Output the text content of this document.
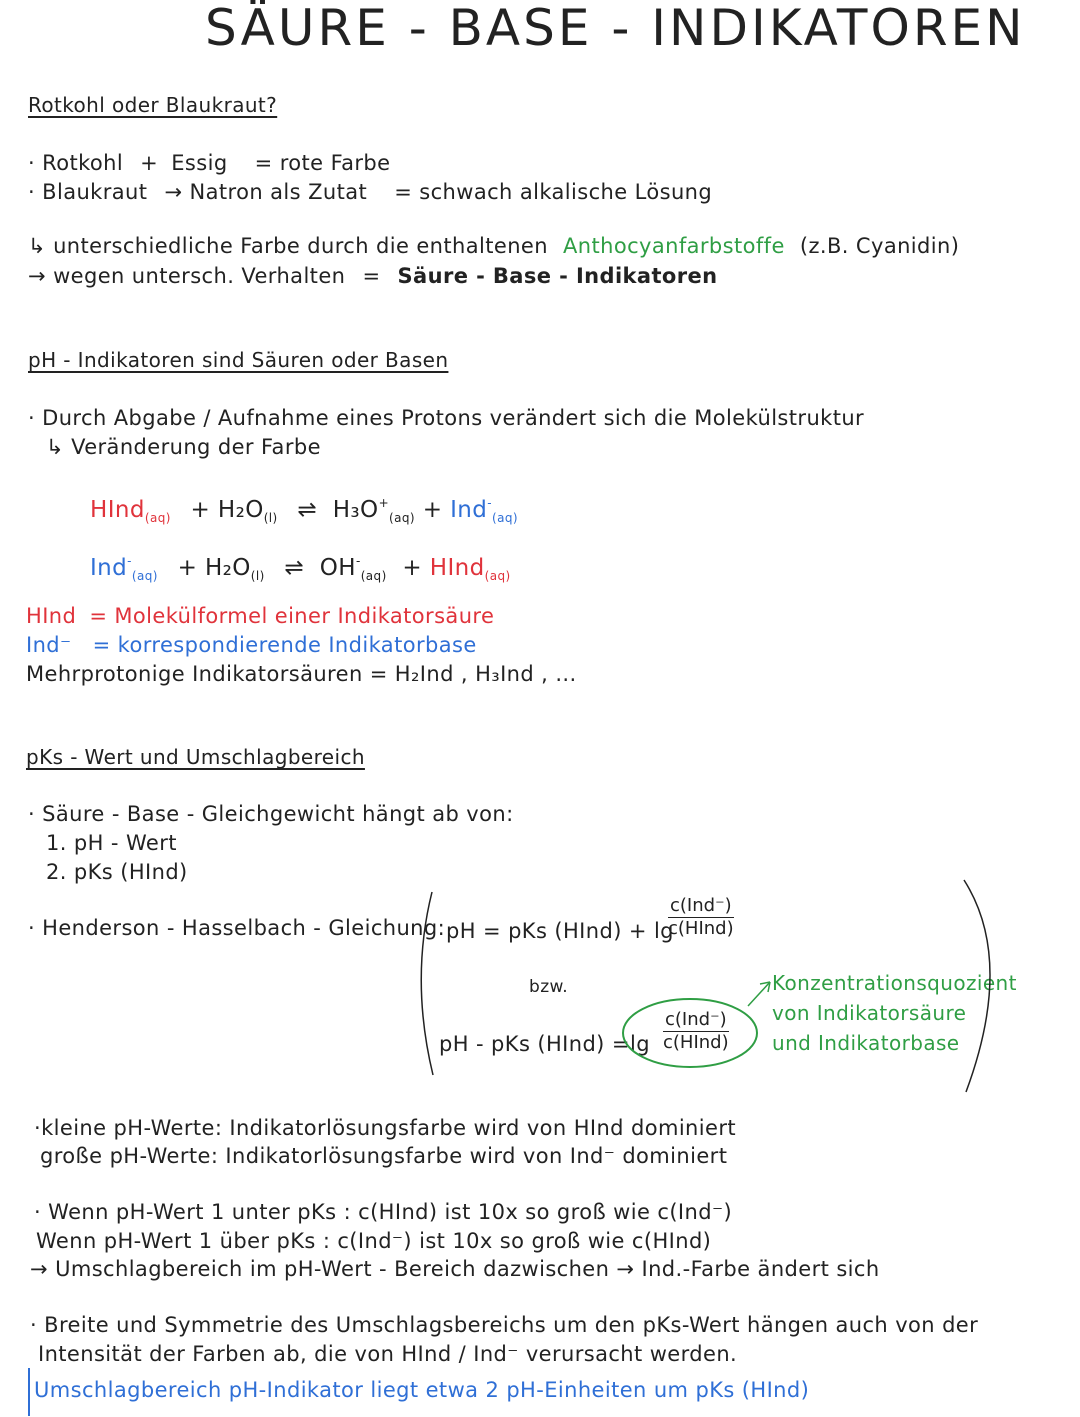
SÄURE - BASE - INDIKATOREN
Rotkohl oder Blaukraut?
· Rotkohl + Essig = rote Farbe
· Blaukraut → Natron als Zutat = schwach alkalische Lösung
↳ unterschiedliche Farbe durch die enthaltenen Anthocyanfarbstoffe (z.B. Cyanidin)
→ wegen untersch. Verhalten = Säure - Base - Indikatoren
pH - Indikatoren sind Säuren oder Basen
· Durch Abgabe / Aufnahme eines Protons verändert sich die Molekülstruktur
↳ Veränderung der Farbe
HInd$_{(aq)}$ + $H_2O_{(l)}$ ⇌ $H_3O^+_{(aq)} + Ind^-_{(aq)}$
$Ind^-_{(aq)} + H_2O_{(l)}$ ⇌ $OH^-_{(aq)}$ + HInd$_{(aq)}$
HInd = Molekülformel einer Indikatorsäure
Ind⁻ = korrespondierende Indikatorbase
Mehrprotonige Indikatorsäuren = H₂Ind , H₃Ind , ...
pKs - Wert und Umschlagbereich
· Säure - Base - Gleichgewicht hängt ab von:
1. pH - Wert
2. pKs (HInd)
· Henderson - Hasselbach - Gleichung: pH = pKs (HInd) + lg
c(Ind⁻)
c(HInd)
bzw.
pH - pKs (HInd) = lg
c(Ind⁻)
c(HInd)
Konzentrationsquozient
von Indikatorsäure
und Indikatorbase
·kleine pH-Werte: Indikatorlösungsfarbe wird von HInd dominiert
große pH-Werte: Indikatorlösungsfarbe wird von Ind⁻ dominiert
· Wenn pH-Wert 1 unter pKs : c(HInd) ist 10x so groß wie c(Ind⁻)
Wenn pH-Wert 1 über pKs : c(Ind⁻) ist 10x so groß wie c(HInd)
→ Umschlagbereich im pH-Wert - Bereich dazwischen → Ind.-Farbe ändert sich
· Breite und Symmetrie des Umschlagsbereichs um den pKs-Wert hängen auch von der
Intensität der Farben ab, die von HInd / Ind⁻ verursacht werden.
Umschlagbereich pH-Indikator liegt etwa 2 pH-Einheiten um pKs (HInd)
